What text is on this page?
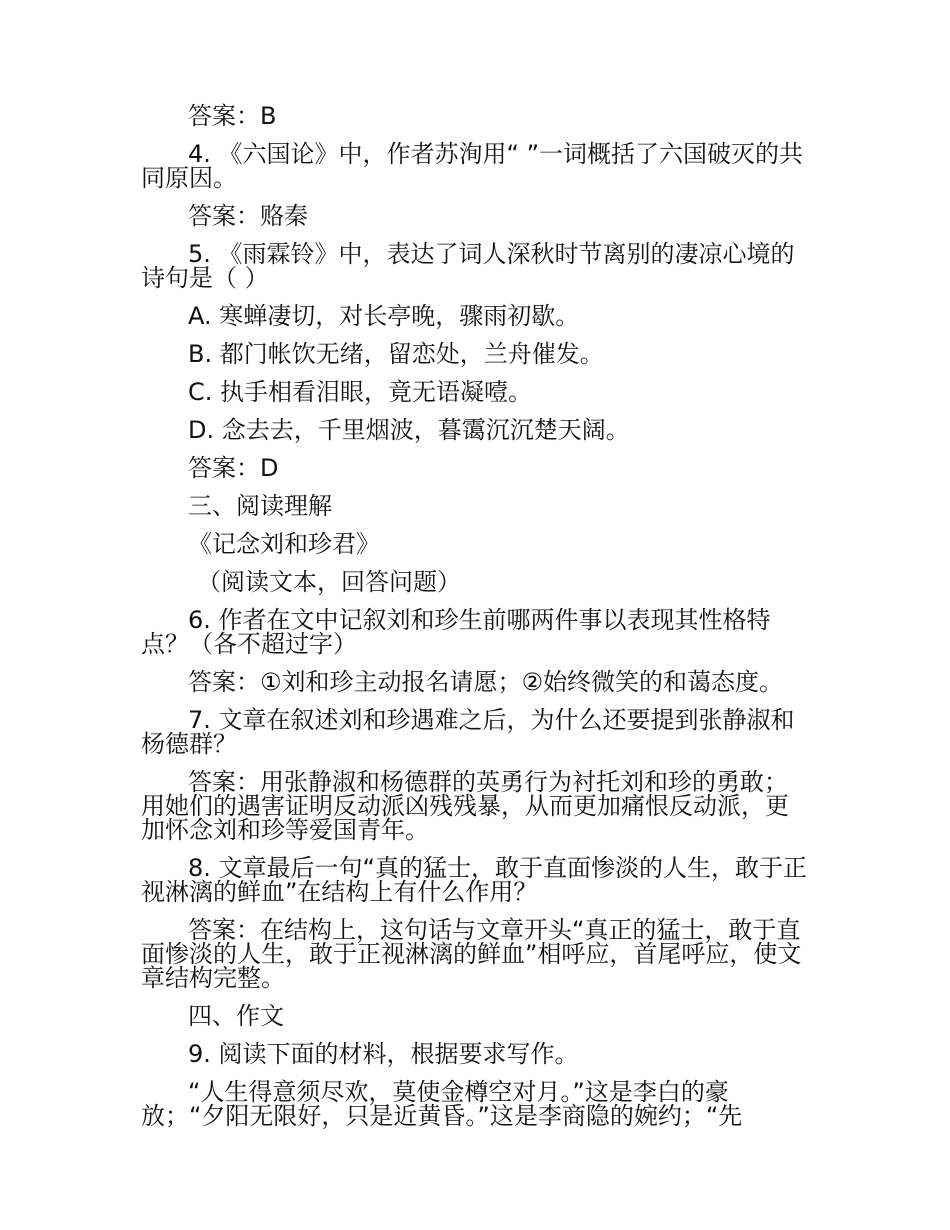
答案：B

4. 《六国论》中，作者苏洵用“ ”一词概括了六国破灭的共同原因。

答案：赂秦

5. 《雨霖铃》中，表达了词人深秋时节离别的凄凉心境的诗句是（ ）

A. 寒蝉凄切，对长亭晚，骤雨初歇。

B. 都门帐饮无绪，留恋处，兰舟催发。

C. 执手相看泪眼，竟无语凝噎。

D. 念去去，千里烟波，暮霭沉沉楚天阔。

答案：D

三、阅读理解

《记念刘和珍君》

（阅读文本，回答问题）

6. 作者在文中记叙刘和珍生前哪两件事以表现其性格特点？（各不超过字）

答案：①刘和珍主动报名请愿；②始终微笑的和蔼态度。

7. 文章在叙述刘和珍遇难之后，为什么还要提到张静淑和杨德群？

答案：用张静淑和杨德群的英勇行为衬托刘和珍的勇敢；用她们的遇害证明反动派凶残残暴，从而更加痛恨反动派，更加怀念刘和珍等爱国青年。

8. 文章最后一句“真的猛士，敢于直面惨淡的人生，敢于正视淋漓的鲜血”在结构上有什么作用？

答案：在结构上，这句话与文章开头“真正的猛士，敢于直面惨淡的人生，敢于正视淋漓的鲜血”相呼应，首尾呼应，使文章结构完整。

四、作文

9. 阅读下面的材料，根据要求写作。

“人生得意须尽欢，莫使金樽空对月。”这是李白的豪放；“夕阳无限好，只是近黄昏。”这是李商隐的婉约；“先
